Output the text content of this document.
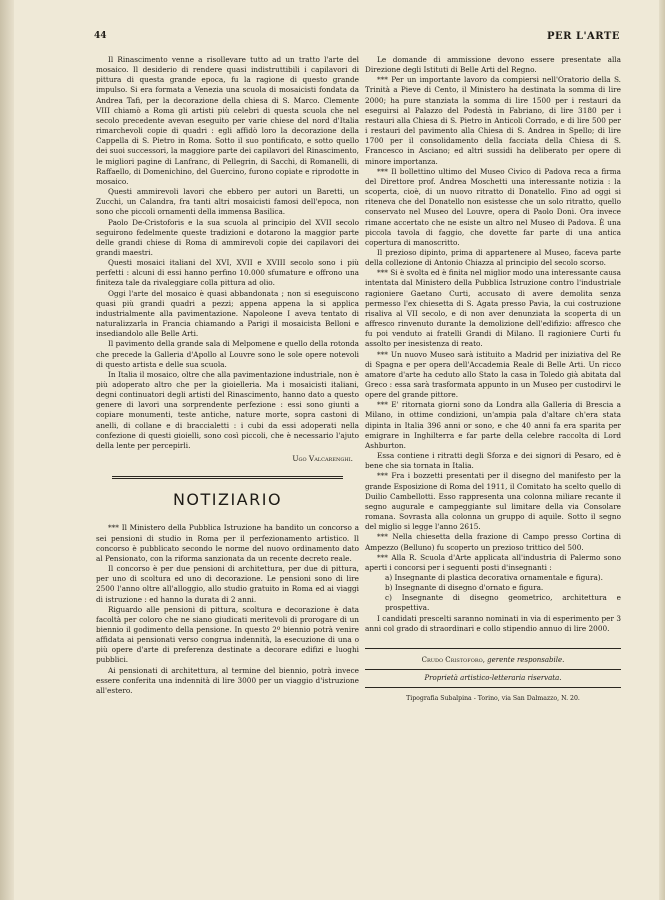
44	PER L'ARTE

Il Rinascimento venne a risollevare tutto ad un tratto l'arte del mosaico. Il desiderio di rendere quasi indistruttibili i capilavori di pittura di questa grande epoca, fu la ragione di questo grande impulso. Si era formata a Venezia una scuola di mosaicisti fondata da Andrea Tafi, per la decorazione della chiesa di S. Marco. Clemente VIII chiamò a Roma gli artisti più celebri di questa scuola che nel secolo precedente avevan eseguito per varie chiese del nord d'Italia rimarchevoli copie di quadri : egli affidò loro la decorazione della Cappella di S. Pietro in Roma. Sotto il suo pontificato, e sotto quello dei suoi successori, la maggiore parte dei capilavori del Rinascimento, le migliori pagine di Lanfranc, di Pellegrin, di Sacchi, di Romanelli, di Raffaello, di Domenichino, del Guercino, furono copiate e riprodotte in mosaico.

Questi ammirevoli lavori che ebbero per autori un Baretti, un Zucchi, un Calandra, fra tanti altri mosaicisti famosi dell'epoca, non sono che piccoli ornamenti della immensa Basilica.

Paolo De-Cristoforis e la sua scuola al principio del XVII secolo seguirono fedelmente queste tradizioni e dotarono la maggior parte delle grandi chiese di Roma di ammirevoli copie dei capilavori dei grandi maestri.

Questi mosaici italiani del XVI, XVII e XVIII secolo sono i più perfetti : alcuni di essi hanno perfino 10.000 sfumature e offrono una finiteza tale da rivaleggiare colla pittura ad olio.

Oggi l'arte del mosaico è quasi abbandonata ; non si eseguiscono quasi più grandi quadri a pezzi; appena appena la si applica industrialmente alla pavimentazione. Napoleone I aveva tentato di naturalizzarla in Francia chiamando a Parigi il mosaicista Belloni e insediandolo alle Belle Arti.

Il pavimento della grande sala di Melpomene e quello della rotonda che precede la Galleria d'Apollo al Louvre sono le sole opere notevoli di questo artista e delle sua scuola.

In Italia il mosaico, oltre che alla pavimentazione industriale, non è più adoperato altro che per la gioielleria. Ma i mosaicisti italiani, degni continuatori degli artisti del Rinascimento, hanno dato a questo genere di lavori una sorprendente perfezione : essi sono giunti a copiare monumenti, teste antiche, nature morte, sopra castoni di anelli, di collane e di braccialetti : i cubi da essi adoperati nella confezione di questi gioielli, sono così piccoli, che è necessario l'ajuto della lente per percepirli.

Ugo Valcarenghi.
NOTIZIARIO

*** Il Ministero della Pubblica Istruzione ha bandito un concorso a sei pensioni di studio in Roma per il perfezionamento artistico. Il concorso è pubblicato secondo le norme del nuovo ordinamento dato al Pensionato, con la riforma sanzionata da un recente decreto reale.

Il concorso è per due pensioni di architettura, per due di pittura, per uno di scoltura ed uno di decorazione. Le pensioni sono di lire 2500 l'anno oltre all'alloggio, allo studio gratuito in Roma ed ai viaggi di istruzione : ed hanno la durata di 2 anni.

Riguardo alle pensioni di pittura, scoltura e decorazione è data facoltà per coloro che ne siano giudicati meritevoli di prorogare di un biennio il godimento della pensione. In questo 2º biennio potrà venire affidata ai pensionati verso congrua indennità, la esecuzione di una o più opere d'arte di preferenza destinate a decorare edifizi e luoghi pubblici.

Ai pensionati di architettura, al termine del biennio, potrà invece essere conferita una indennità di lire 3000 per un viaggio d'istruzione all'estero.

Le domande di ammissione devono essere presentate alla Direzione degli Istituti di Belle Arti del Regno.

*** Per un importante lavoro da compiersi nell'Oratorio della S. Trinità a Pieve di Cento, il Ministero ha destinata la somma di lire 2000; ha pure stanziata la somma di lire 1500 per i restauri da eseguirsi al Palazzo del Podestà in Fabriano, di lire 3180 per i restauri alla Chiesa di S. Pietro in Anticoli Corrado, e di lire 500 per i restauri del pavimento alla Chiesa di S. Andrea in Spello; di lire 1700 per il consolidamento della facciata della Chiesa di S. Francesco in Asciano; ed altri sussidi ha deliberato per opere di minore importanza.

*** Il bollettino ultimo del Museo Civico di Padova reca a firma del Direttore prof. Andrea Moschetti una interessante notizia : la scoperta, cioè, di un nuovo ritratto di Donatello. Fino ad oggi si riteneva che del Donatello non esistesse che un solo ritratto, quello conservato nel Museo del Louvre, opera di Paolo Doni. Ora invece rimane accertato che ne esiste un altro nel Museo di Padova. È una piccola tavola di faggio, che dovette far parte di una antica copertura di manoscritto.

Il prezioso dipinto, prima di appartenere al Museo, faceva parte della collezione di Antonio Chiazza al principio del secolo scorso.

*** Si è svolta ed è finita nel miglior modo una interessante causa intentata dal Ministero della Pubblica Istruzione contro l'industriale ragioniere Gaetano Curti, accusato di avere demolita senza permesso l'ex chiesetta di S. Agata presso Pavia, la cui costruzione risaliva al VII secolo, e di non aver denunziata la scoperta di un affresco rinvenuto durante la demolizione dell'edifizio: affresco che fu poi venduto ai fratelli Grandi di Milano. Il ragioniere Curti fu assolto per inesistenza di reato.

*** Un nuovo Museo sarà istituito a Madrid per iniziativa del Re di Spagna e per opera dell'Accademia Reale di Belle Arti. Un ricco amatore d'arte ha ceduto allo Stato la casa in Toledo già abitata dal Greco : essa sarà trasformata appunto in un Museo per custodirvi le opere del grande pittore.

*** E' ritornata giorni sono da Londra alla Galleria di Brescia a Milano, in ottime condizioni, un'ampia pala d'altare ch'era stata dipinta in Italia 396 anni or sono, e che 40 anni fa era sparita per emigrare in Inghilterra e far parte della celebre raccolta di Lord Ashburton.

Essa contiene i ritratti degli Sforza e dei signori di Pesaro, ed è bene che sia tornata in Italia.

*** Fra i bozzetti presentati per il disegno del manifesto per la grande Esposizione di Roma del 1911, il Comitato ha scelto quello di Duilio Cambellotti. Esso rappresenta una colonna miliare recante il segno augurale e campeggiante sul limitare della via Consolare romana. Sovrasta alla colonna un gruppo di aquile. Sotto il segno del miglio si legge l'anno 2615.

*** Nella chiesetta della frazione di Campo presso Cortina di Ampezzo (Belluno) fu scoperto un prezioso trittico del 500.

*** Alla R. Scuola d'Arte applicata all'industria di Palermo sono aperti i concorsi per i seguenti posti d'insegnanti :

a) Insegnante di plastica decorativa ornamentale e figura).
b) Insegnante di disegno d'ornato e figura.
c) Insegnante di disegno geometrico, architettura e prospettiva.

I candidati prescelti saranno nominati in via di esperimento per 3 anni col grado di straordinari e collo stipendio annuo di lire 2000.

Crudo Cristoforo, gerente responsabile.
Proprietà artistico-letteraria riservata.
Tipografia Subalpina - Torino, via San Dalmazzo, N. 20.
